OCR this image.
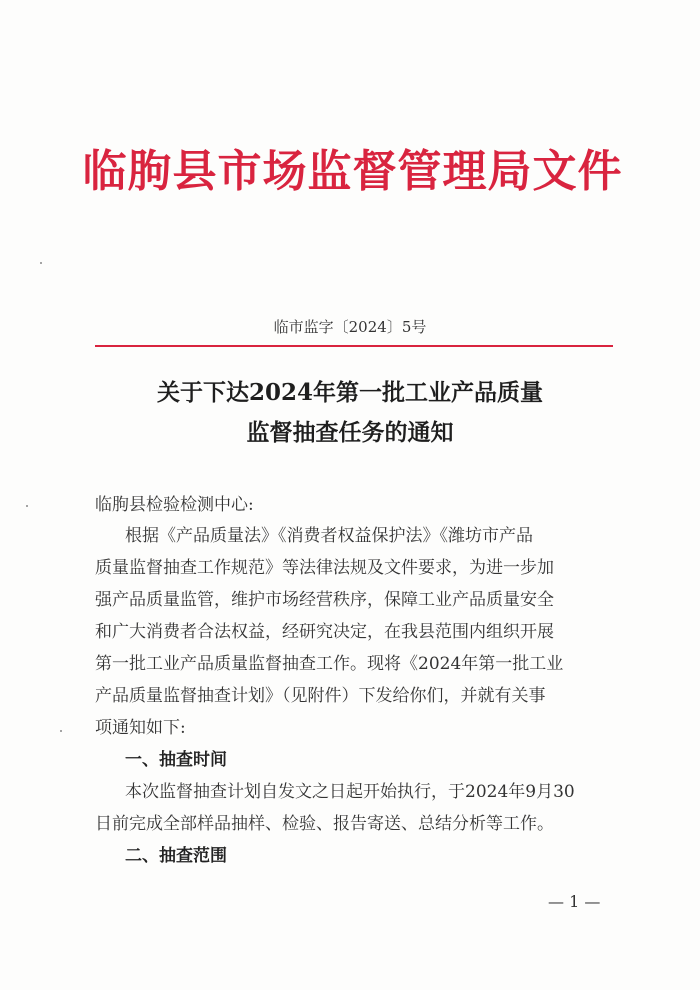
临朐县市场监督管理局文件
临市监字〔2024〕5号
关于下达2024年第一批工业产品质量
监督抽查任务的通知
临朐县检验检测中心:
根据《产品质量法》《消费者权益保护法》《潍坊市产品
质量监督抽查工作规范》等法律法规及文件要求，为进一步加
强产品质量监管，维护市场经营秩序，保障工业产品质量安全
和广大消费者合法权益，经研究决定，在我县范围内组织开展
第一批工业产品质量监督抽查工作。现将《2024年第一批工业
产品质量监督抽查计划》（见附件）下发给你们，并就有关事
项通知如下:
一、抽查时间
本次监督抽查计划自发文之日起开始执行，于2024年9月30
日前完成全部样品抽样、检验、报告寄送、总结分析等工作。
二、抽查范围
— 1 —
